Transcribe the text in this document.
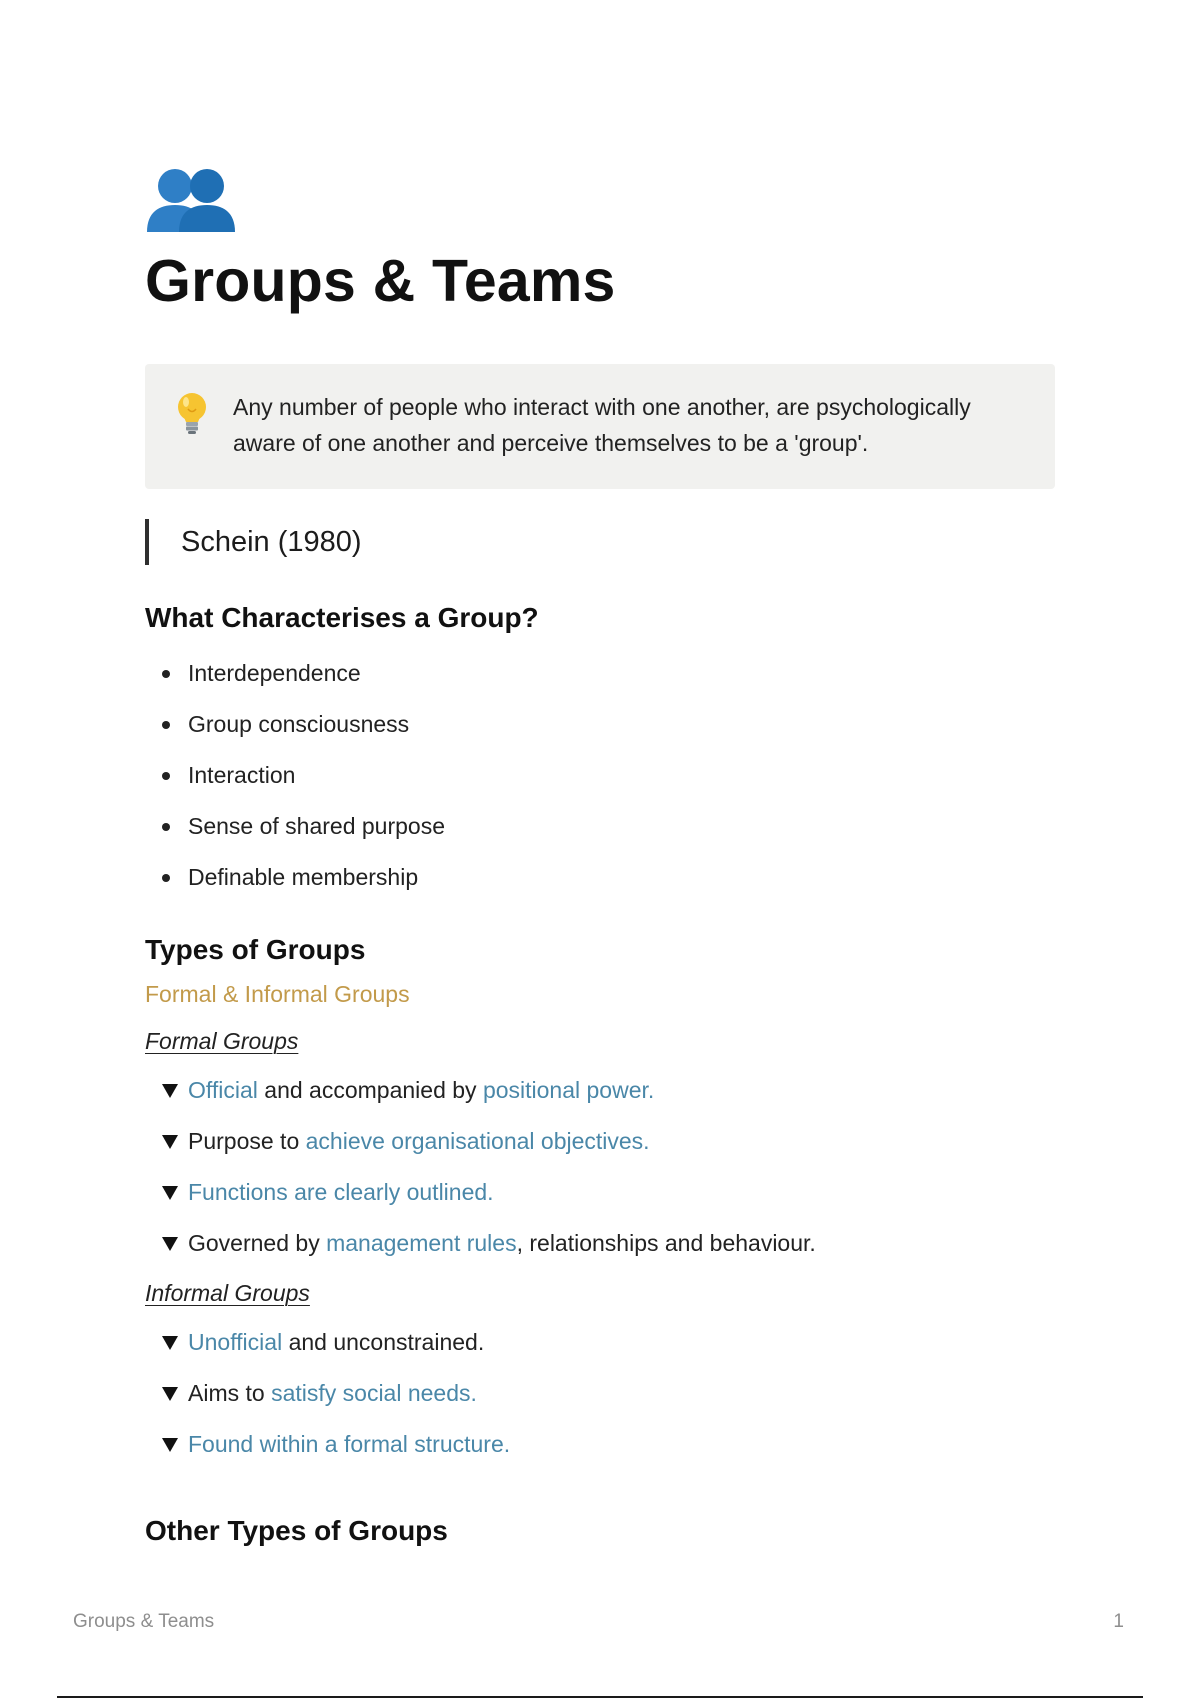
Groups & Teams

Any number of people who interact with one another, are psychologically aware of one another and perceive themselves to be a 'group'.

Schein (1980)
What Characterises a Group?
Interdependence
Group consciousness
Interaction
Sense of shared purpose
Definable membership
Types of Groups
Formal & Informal Groups
Formal Groups
Official and accompanied by positional power.
Purpose to achieve organisational objectives.
Functions are clearly outlined.
Governed by management rules, relationships and behaviour.
Informal Groups
Unofficial and unconstrained.
Aims to satisfy social needs.
Found within a formal structure.
Other Types of Groups
Groups & Teams	1
